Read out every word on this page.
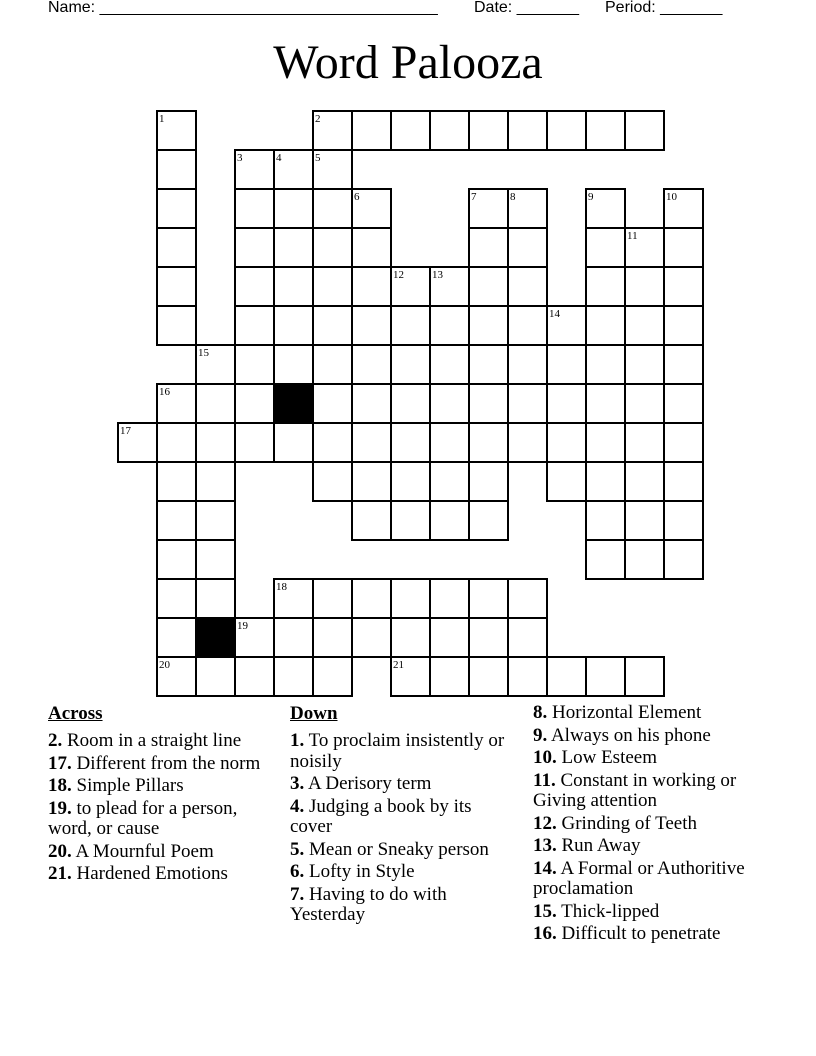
Name: ______________________________________ Date: _______ Period: _______
Word Palooza
1	2
3	4	5
6	7	8	9	10
11
12	13
14
15
16
17
18
19
20	21
Across
2. Room in a straight line
17. Different from the norm
18. Simple Pillars
19. to plead for a person, word, or cause
20. A Mournful Poem
21. Hardened Emotions
Down
1. To proclaim insistently or noisily
3. A Derisory term
4. Judging a book by its cover
5. Mean or Sneaky person
6. Lofty in Style
7. Having to do with Yesterday
8. Horizontal Element
9. Always on his phone
10. Low Esteem
11. Constant in working or Giving attention
12. Grinding of Teeth
13. Run Away
14. A Formal or Authoritive proclamation
15. Thick-lipped
16. Difficult to penetrate
